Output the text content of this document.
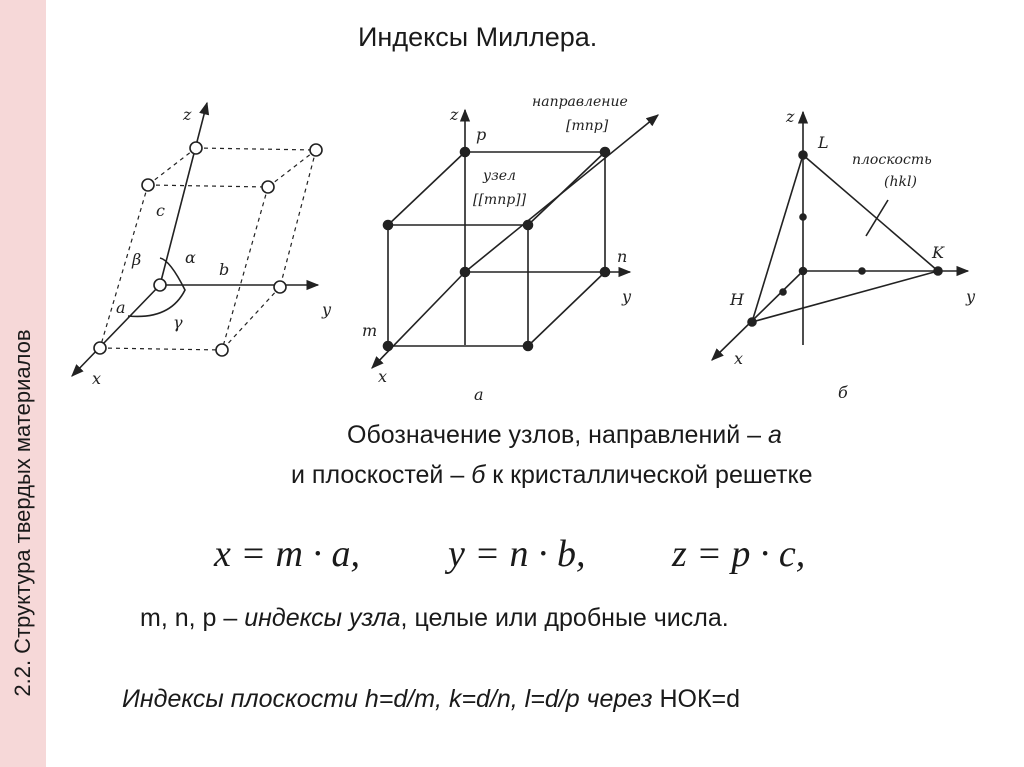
2.2. Структура твердых материалов
Индексы Миллера.
z
y
x
c
b
a
β	α
γ
z
y
x
p
n
m
направление
[mnp]
узел
[[mnp]]
а
z
y
x
L
K
H
плоскость
(hkl)
б
Обозначение узлов, направлений – а
и плоскостей – б к кристаллической решетке
x = m · a, y = n · b, z = p · c,
m, n, p – индексы узла, целые или дробные числа.
Индексы плоскости h=d/m, k=d/n, l=d/p через НОК=d
